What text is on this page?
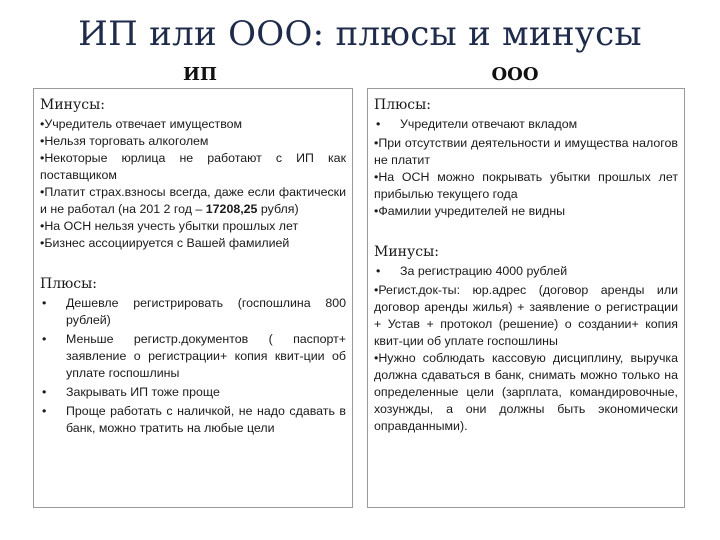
ИП или ООО: плюсы и минусы
ИП	ООО
Минусы:

•Учредитель отвечает имуществом

•Нельзя торговать алкоголем

•Некоторые юрлица не работают с ИП как поставщиком

•Платит страх.взносы всегда, даже если фактически и не работал (на 201 2 год – 17208,25 рубля)

•На ОСН нельзя учесть убытки прошлых лет

•Бизнес ассоциируется с Вашей фамилией

Плюсы:
• Дешевле регистрировать (госпошлина 800 рублей)
• Меньше регистр.документов ( паспорт+ заявление о регистрации+ копия квит-ции об уплате госпошлины
• Закрывать ИП тоже проще
• Проще работать с наличкой, не надо сдавать в банк, можно тратить на любые цели
Плюсы:
• Учредители отвечают вкладом

•При отсутствии деятельности и имущества налогов не платит

•На ОСН можно покрывать убытки прошлых лет прибылью текущего года

•Фамилии учредителей не видны

Минусы:
• За регистрацию 4000 рублей

•Регист.док-ты: юр.адрес (договор аренды или договор аренды жилья) + заявление о регистрации + Устав + протокол (решение) о создании+ копия квит-ции об уплате госпошлины

•Нужно соблюдать кассовую дисциплину, выручка должна сдаваться в банк, снимать можно только на определенные цели (зарплата, командировочные, хозунжды, а они должны быть экономически оправданными).
